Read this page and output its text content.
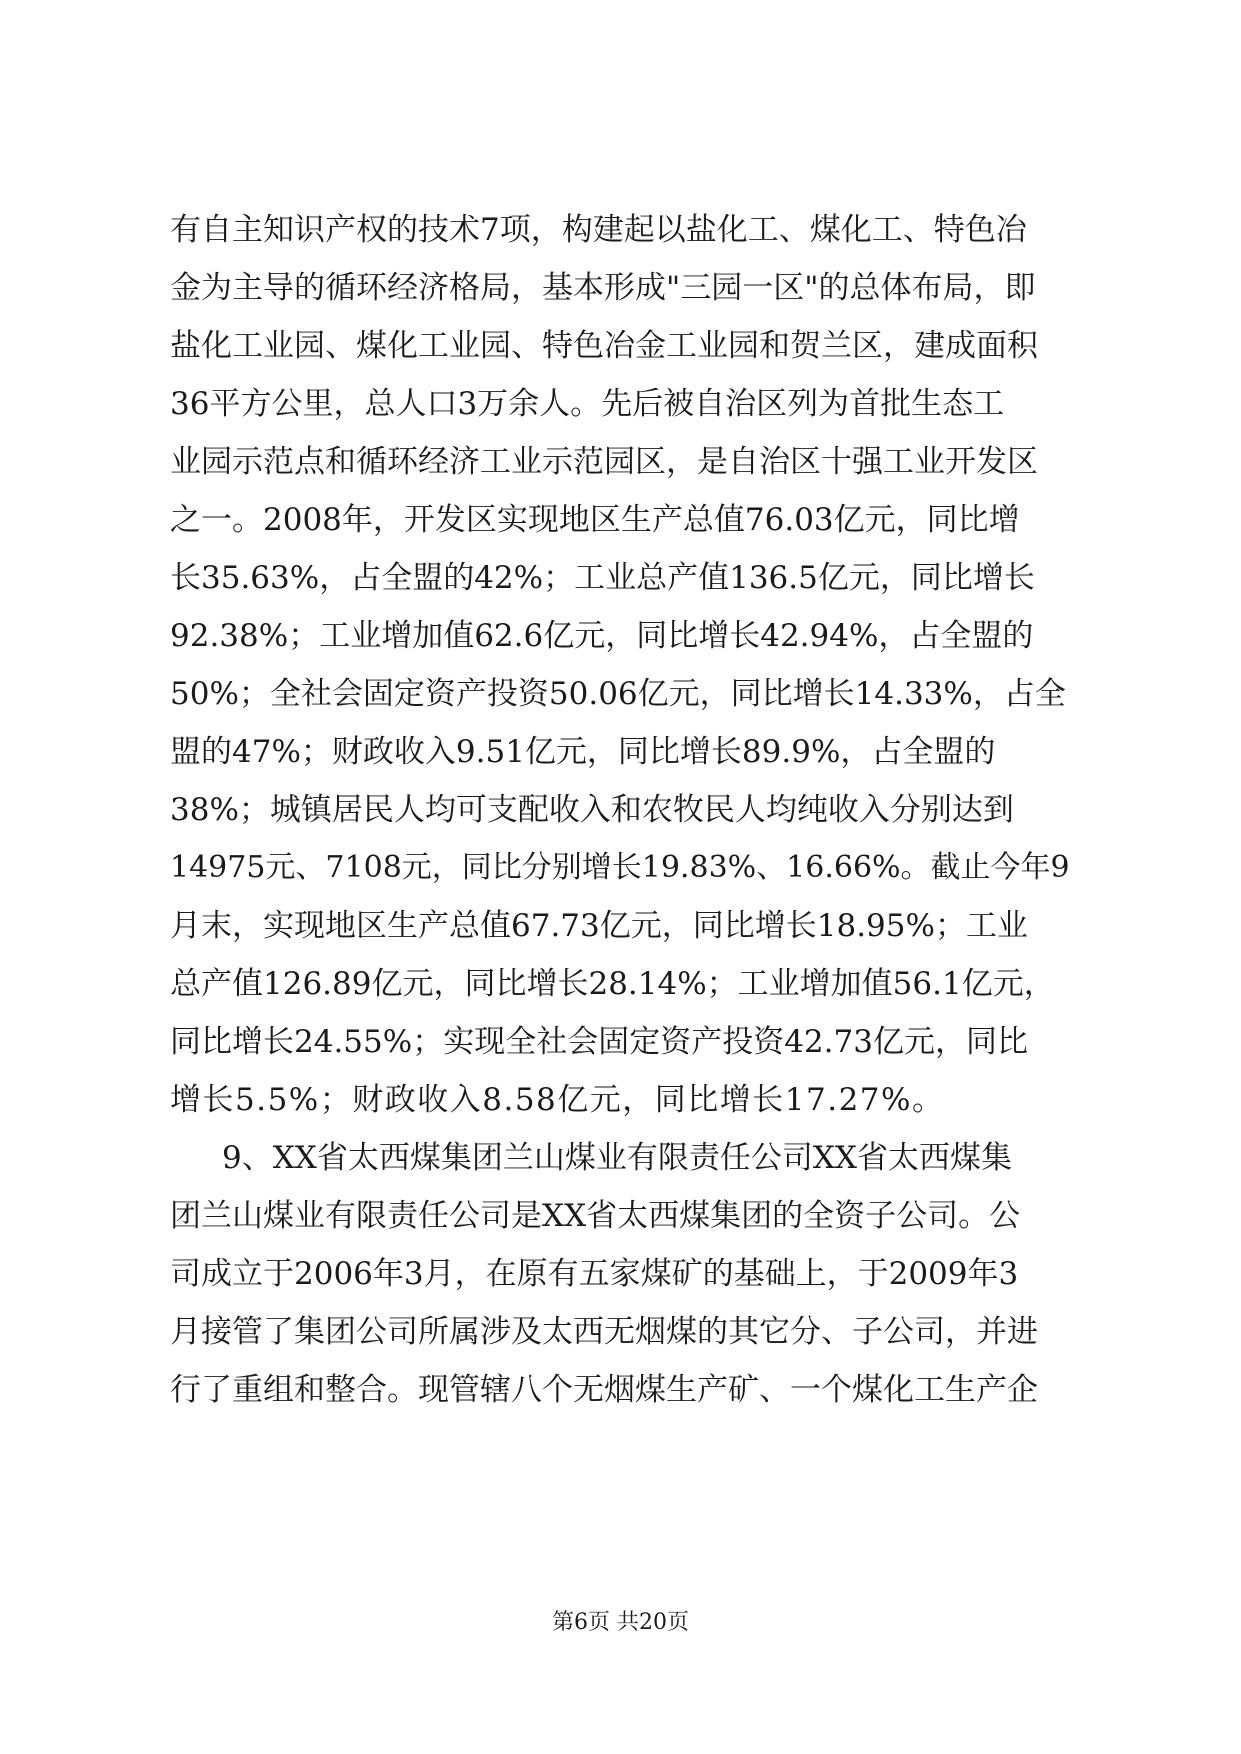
有自主知识产权的技术7项，构建起以盐化工、煤化工、特色冶
金为主导的循环经济格局，基本形成"三园一区"的总体布局，即
盐化工业园、煤化工业园、特色冶金工业园和贺兰区，建成面积
36平方公里，总人口3万余人。先后被自治区列为首批生态工
业园示范点和循环经济工业示范园区，是自治区十强工业开发区
之一。2008年，开发区实现地区生产总值76.03亿元，同比增
长35.63%，占全盟的42%；工业总产值136.5亿元，同比增长
92.38%；工业增加值62.6亿元，同比增长42.94%，占全盟的
50%；全社会固定资产投资50.06亿元，同比增长14.33%，占全
盟的47%；财政收入9.51亿元，同比增长89.9%，占全盟的
38%；城镇居民人均可支配收入和农牧民人均纯收入分别达到
14975元、7108元，同比分别增长19.83%、16.66%。截止今年9
月末，实现地区生产总值67.73亿元，同比增长18.95%；工业
总产值126.89亿元，同比增长28.14%；工业增加值56.1亿元，
同比增长24.55%；实现全社会固定资产投资42.73亿元，同比
增长5.5%；财政收入8.58亿元，同比增长17.27%。
9、XX省太西煤集团兰山煤业有限责任公司XX省太西煤集
团兰山煤业有限责任公司是XX省太西煤集团的全资子公司。公
司成立于2006年3月，在原有五家煤矿的基础上，于2009年3
月接管了集团公司所属涉及太西无烟煤的其它分、子公司，并进
行了重组和整合。现管辖八个无烟煤生产矿、一个煤化工生产企
第6页 共20页
